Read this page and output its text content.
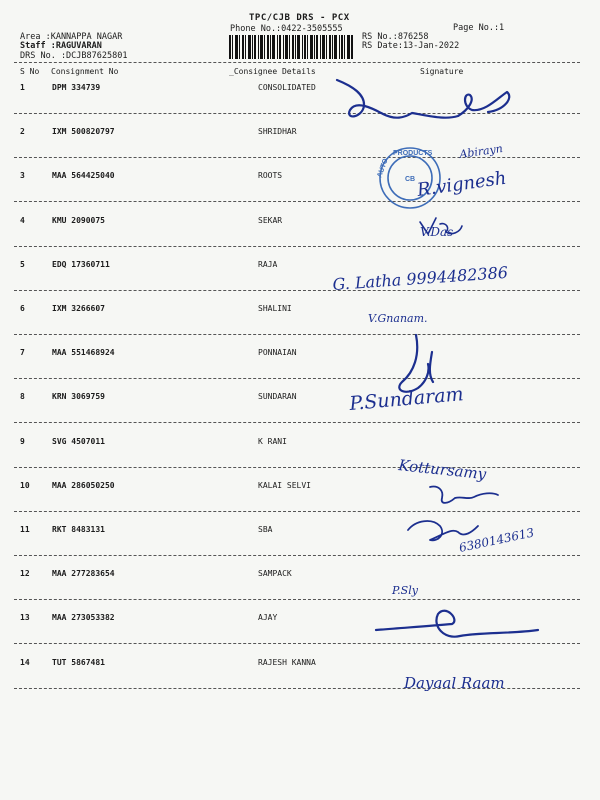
TPC/CJB DRS - PCX
Phone No.:0422-3505555	Page No.:1
Area :KANNAPPA NAGAR
Staff :RAGUVARAN
DRS No. :DCJB87625801
RS No.:876258
RS Date:13-Jan-2022
S No Consignment No	_Consignee Details	Signature
1	DPM 334739	CONSOLIDATED
2	IXM 500820797	SHRIDHAR
3	MAA 564425040	ROOTS
4	KMU 2090075	SEKAR
5	EDQ 17360711	RAJA
6	IXM 3266607	SHALINI
7	MAA 551468924	PONNAIAN
8	KRN 3069759	SUNDARAN
9	SVG 4507011	K RANI
10	MAA 286050250	KALAI SELVI
11	RKT 8483131	SBA
12	MAA 277283654	SAMPACK
13	MAA 273053382	AJAY
14	TUT 5867481	RAJESH KANNA
PRODUCTS
AUTO
CB
Abirayn
R.vignesh
V.Das
G. Latha 9994482386
V.Gnanam.
P.Sundaram
Kottursamy
6380143613
P.Sly
Dayaal Raam
